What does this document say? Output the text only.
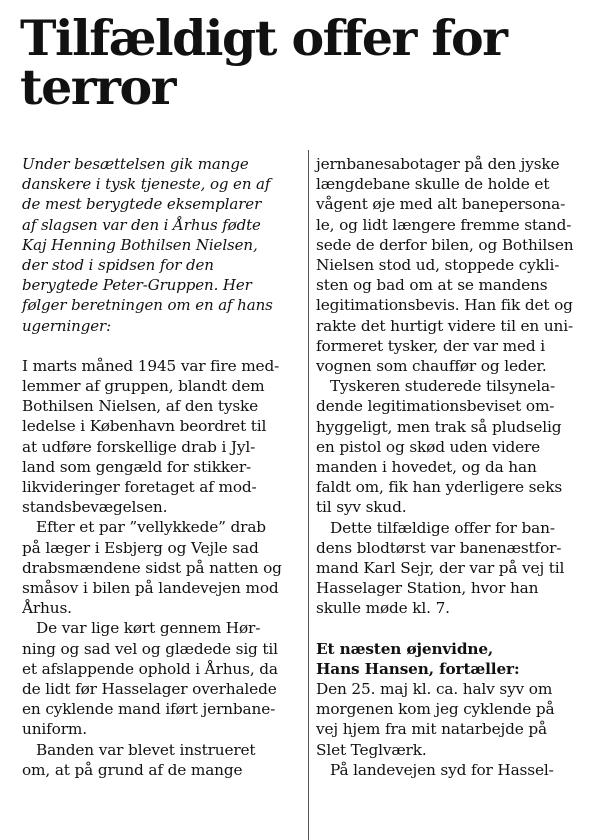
Tilfældigt offer for
terror

Under besættelsen gik mange
danskere i tysk tjeneste, og en af
de mest berygtede eksemplarer
af slagsen var den i Århus fødte
Kaj Henning Bothilsen Nielsen,
der stod i spidsen for den
berygtede Peter-Gruppen. Her
følger beretningen om en af hans
ugerninger:

I marts måned 1945 var fire med-
lemmer af gruppen, blandt dem
Bothilsen Nielsen, af den tyske
ledelse i København beordret til
at udføre forskellige drab i Jyl-
land som gengæld for stikker-
likvideringer foretaget af mod-
standsbevægelsen.

Efter et par ”vellykkede” drab
på læger i Esbjerg og Vejle sad
drabsmændene sidst på natten og
småsov i bilen på landevejen mod
Århus.

De var lige kørt gennem Hør-
ning og sad vel og glædede sig til
et afslappende ophold i Århus, da
de lidt før Hasselager overhalede
en cyklende mand iført jernbane-
uniform.

Banden var blevet instrueret
om, at på grund af de mange

jernbanesabotager på den jyske
længdebane skulle de holde et
vågent øje med alt banepersona-
le, og lidt længere fremme stand-
sede de derfor bilen, og Bothilsen
Nielsen stod ud, stoppede cykli-
sten og bad om at se mandens
legitimationsbevis. Han fik det og
rakte det hurtigt videre til en uni-
formeret tysker, der var med i
vognen som chauffør og leder.

Tyskeren studerede tilsynela-
dende legitimationsbeviset om-
hyggeligt, men trak så pludselig
en pistol og skød uden videre
manden i hovedet, og da han
faldt om, fik han yderligere seks
til syv skud.

Dette tilfældige offer for ban-
dens blodtørst var banenæstfor-
mand Karl Sejr, der var på vej til
Hasselager Station, hvor han
skulle møde kl. 7.

Et næsten øjenvidne,
Hans Hansen, fortæller:

Den 25. maj kl. ca. halv syv om
morgenen kom jeg cyklende på
vej hjem fra mit natarbejde på
Slet Teglværk.

På landevejen syd for Hassel-
